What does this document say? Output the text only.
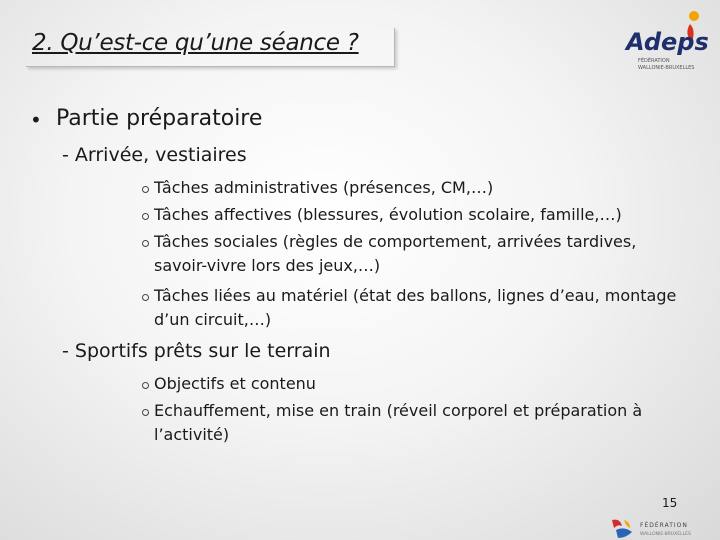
2. Qu’est-ce qu’une séance ?	Adeps
FÉDÉRATION
WALLONIE-BRUXELLES
• Partie préparatoire
- Arrivée, vestiaires
Tâches administratives (présences, CM,…)
Tâches affectives (blessures, évolution scolaire, famille,…)
Tâches sociales (règles de comportement, arrivées tardives, savoir-vivre lors des jeux,…)
Tâches liées au matériel (état des ballons, lignes d’eau, montage d’un circuit,…)
- Sportifs prêts sur le terrain
Objectifs et contenu
Echauffement, mise en train (réveil corporel et préparation à l’activité)
15
FÉDÉRATION
WALLONIE-BRUXELLES
